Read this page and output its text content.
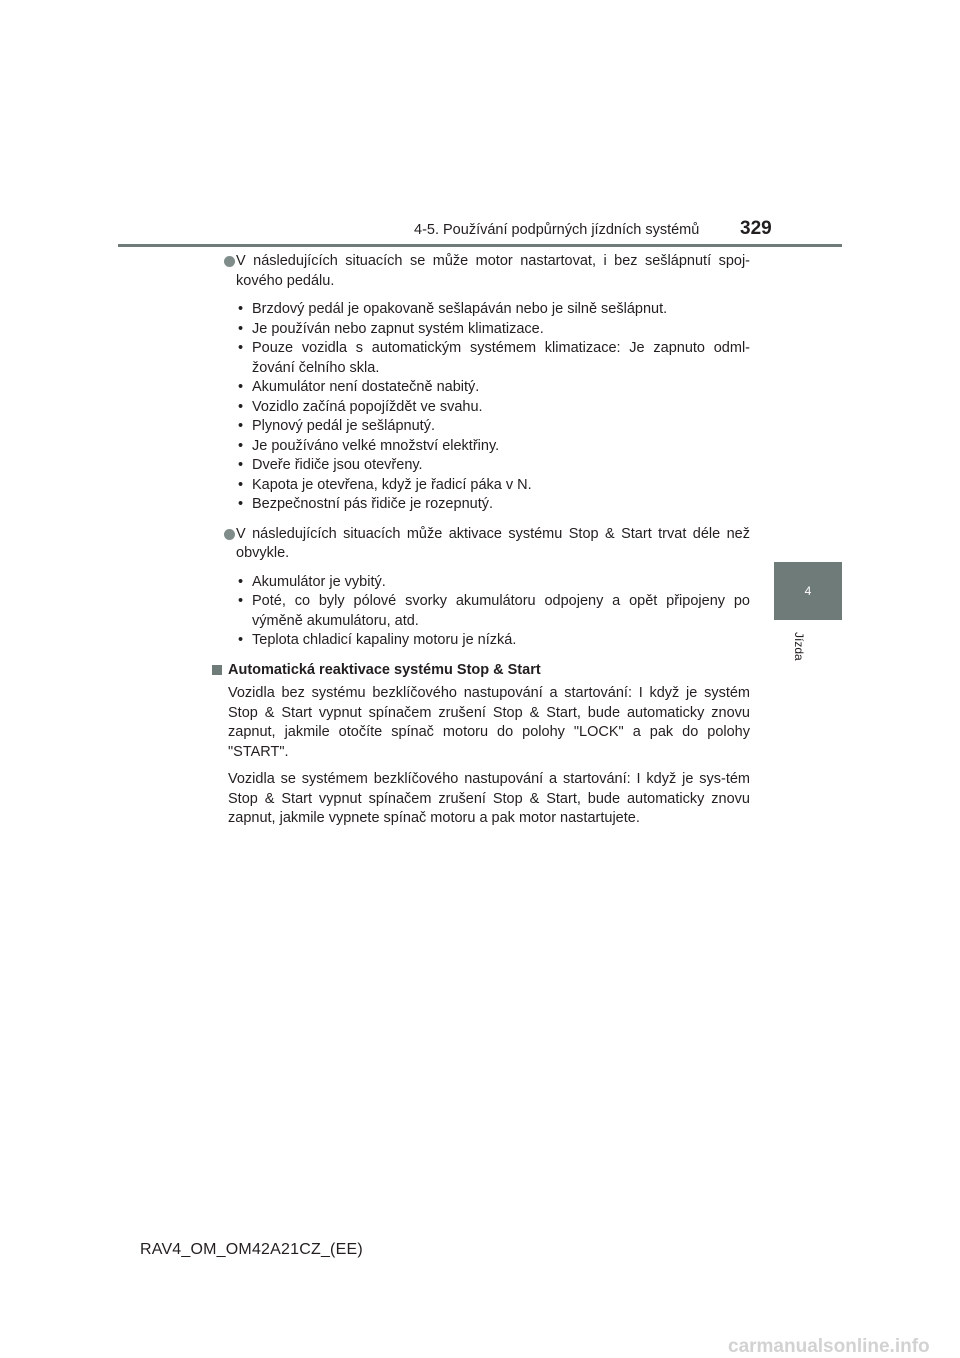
4-5. Používání podpůrných jízdních systémů 329
4
Jízda

V následujících situacích se může motor nastartovat, i bez sešlápnutí spoj-kového pedálu.

• Brzdový pedál je opakovaně sešlapáván nebo je silně sešlápnut.
• Je používán nebo zapnut systém klimatizace.
• Pouze vozidla s automatickým systémem klimatizace: Je zapnuto odml-žování čelního skla.
• Akumulátor není dostatečně nabitý.
• Vozidlo začíná popojíždět ve svahu.
• Plynový pedál je sešlápnutý.
• Je používáno velké množství elektřiny.
• Dveře řidiče jsou otevřeny.
• Kapota je otevřena, když je řadicí páka v N.
• Bezpečnostní pás řidiče je rozepnutý.

V následujících situacích může aktivace systému Stop & Start trvat déle než obvykle.

• Akumulátor je vybitý.
• Poté, co byly pólové svorky akumulátoru odpojeny a opět připojeny po výměně akumulátoru, atd.
• Teplota chladicí kapaliny motoru je nízká.

Automatická reaktivace systému Stop & Start

Vozidla bez systému bezklíčového nastupování a startování: I když je systém Stop & Start vypnut spínačem zrušení Stop & Start, bude automaticky znovu zapnut, jakmile otočíte spínač motoru do polohy "LOCK" a pak do polohy "START".

Vozidla se systémem bezklíčového nastupování a startování: I když je sys-tém Stop & Start vypnut spínačem zrušení Stop & Start, bude automaticky znovu zapnut, jakmile vypnete spínač motoru a pak motor nastartujete.

RAV4_OM_OM42A21CZ_(EE)
carmanualsonline.info
